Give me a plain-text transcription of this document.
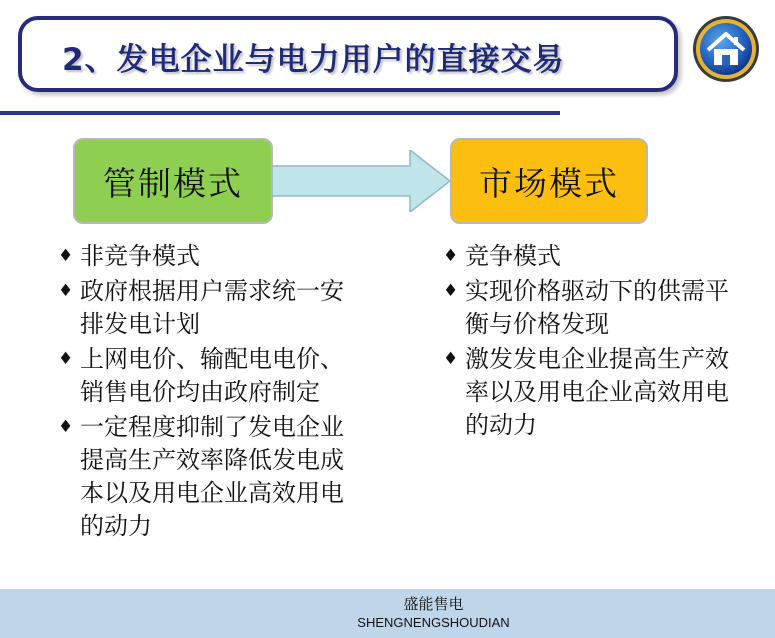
2、发电企业与电力用户的直接交易
管制模式	市场模式
♦ 非竞争模式
♦ 政府根据用户需求统一安排发电计划
♦ 上网电价、输配电电价、销售电价均由政府制定
♦ 一定程度抑制了发电企业提高生产效率降低发电成本以及用电企业高效用电的动力
♦ 竞争模式
♦ 实现价格驱动下的供需平衡与价格发现
♦ 激发发电企业提高生产效率以及用电企业高效用电的动力
盛能售电
SHENGNENGSHOUDIAN
